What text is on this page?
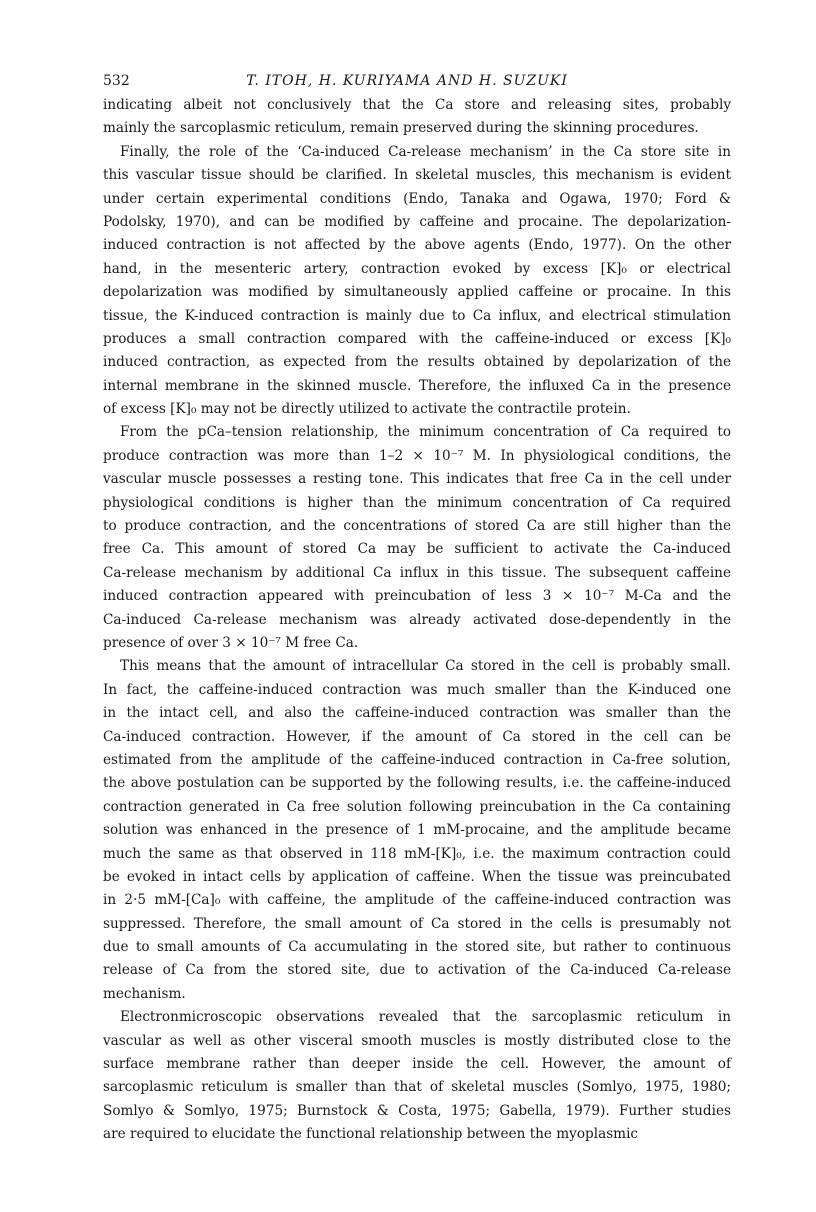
532	T. ITOH, H. KURIYAMA AND H. SUZUKI
indicating albeit not conclusively that the Ca store and releasing sites, probably
mainly the sarcoplasmic reticulum, remain preserved during the skinning procedures.
Finally, the role of the ‘Ca-induced Ca-release mechanism’ in the Ca store site in
this vascular tissue should be clarified. In skeletal muscles, this mechanism is evident
under certain experimental conditions (Endo, Tanaka and Ogawa, 1970; Ford &
Podolsky, 1970), and can be modified by caffeine and procaine. The depolarization-
induced contraction is not affected by the above agents (Endo, 1977). On the other
hand, in the mesenteric artery, contraction evoked by excess [K]₀ or electrical
depolarization was modified by simultaneously applied caffeine or procaine. In this
tissue, the K-induced contraction is mainly due to Ca influx, and electrical stimulation
produces a small contraction compared with the caffeine-induced or excess [K]₀
induced contraction, as expected from the results obtained by depolarization of the
internal membrane in the skinned muscle. Therefore, the influxed Ca in the presence
of excess [K]₀ may not be directly utilized to activate the contractile protein.
From the pCa–tension relationship, the minimum concentration of Ca required to
produce contraction was more than 1–2 × 10⁻⁷ M. In physiological conditions, the
vascular muscle possesses a resting tone. This indicates that free Ca in the cell under
physiological conditions is higher than the minimum concentration of Ca required
to produce contraction, and the concentrations of stored Ca are still higher than the
free Ca. This amount of stored Ca may be sufficient to activate the Ca-induced
Ca-release mechanism by additional Ca influx in this tissue. The subsequent caffeine
induced contraction appeared with preincubation of less 3 × 10⁻⁷ M-Ca and the
Ca-induced Ca-release mechanism was already activated dose-dependently in the
presence of over 3 × 10⁻⁷ M free Ca.
This means that the amount of intracellular Ca stored in the cell is probably small.
In fact, the caffeine-induced contraction was much smaller than the K-induced one
in the intact cell, and also the caffeine-induced contraction was smaller than the
Ca-induced contraction. However, if the amount of Ca stored in the cell can be
estimated from the amplitude of the caffeine-induced contraction in Ca-free solution,
the above postulation can be supported by the following results, i.e. the caffeine-induced
contraction generated in Ca free solution following preincubation in the Ca containing
solution was enhanced in the presence of 1 mM-procaine, and the amplitude became
much the same as that observed in 118 mM-[K]₀, i.e. the maximum contraction could
be evoked in intact cells by application of caffeine. When the tissue was preincubated
in 2·5 mM-[Ca]₀ with caffeine, the amplitude of the caffeine-induced contraction was
suppressed. Therefore, the small amount of Ca stored in the cells is presumably not
due to small amounts of Ca accumulating in the stored site, but rather to continuous
release of Ca from the stored site, due to activation of the Ca-induced Ca-release
mechanism.
Electronmicroscopic observations revealed that the sarcoplasmic reticulum in
vascular as well as other visceral smooth muscles is mostly distributed close to the
surface membrane rather than deeper inside the cell. However, the amount of
sarcoplasmic reticulum is smaller than that of skeletal muscles (Somlyo, 1975, 1980;
Somlyo & Somlyo, 1975; Burnstock & Costa, 1975; Gabella, 1979). Further studies
are required to elucidate the functional relationship between the myoplasmic
